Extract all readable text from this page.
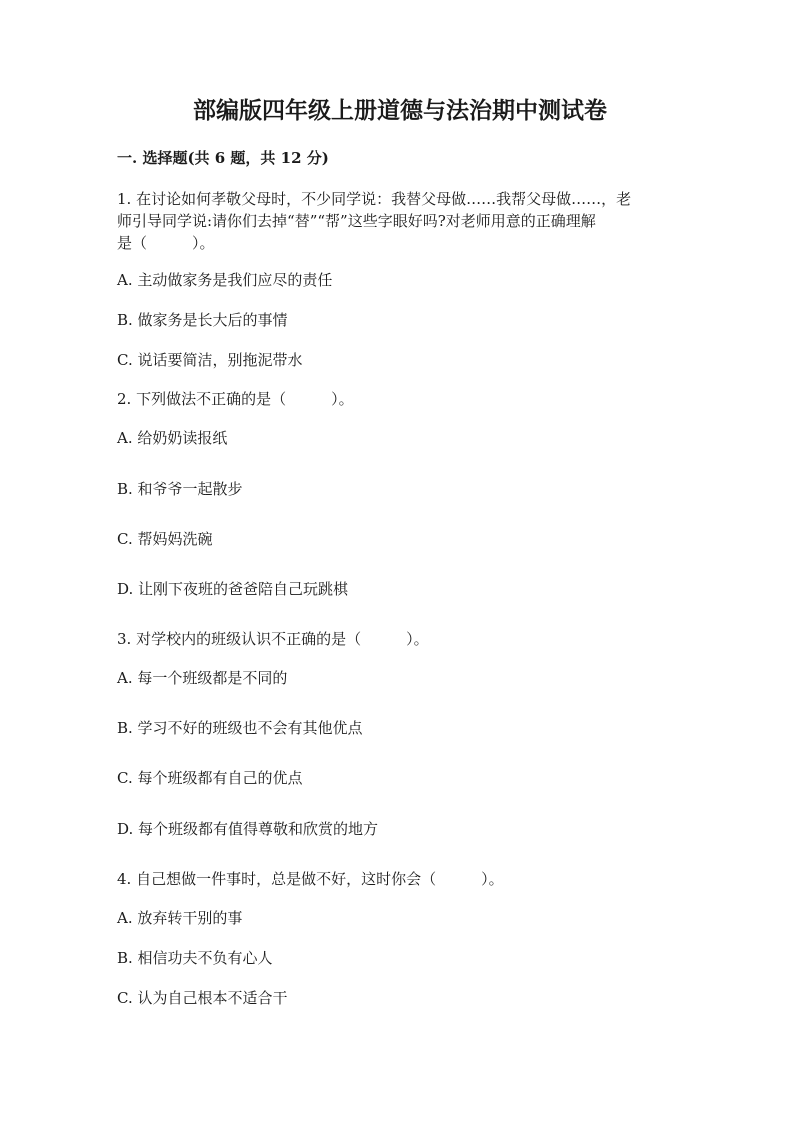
部编版四年级上册道德与法治期中测试卷
一. 选择题(共 6 题，共 12 分)
1. 在讨论如何孝敬父母时，不少同学说：我替父母做……我帮父母做……，老
师引导同学说:请你们去掉“替”“帮”这些字眼好吗?对老师用意的正确理解
是（　　　）。
A. 主动做家务是我们应尽的责任
B. 做家务是长大后的事情
C. 说话要简洁，别拖泥带水
2. 下列做法不正确的是（　　　）。
A. 给奶奶读报纸
B. 和爷爷一起散步
C. 帮妈妈洗碗
D. 让刚下夜班的爸爸陪自己玩跳棋
3. 对学校内的班级认识不正确的是（　　　）。
A. 每一个班级都是不同的
B. 学习不好的班级也不会有其他优点
C. 每个班级都有自己的优点
D. 每个班级都有值得尊敬和欣赏的地方
4. 自己想做一件事时，总是做不好，这时你会（　　　）。
A. 放弃转干别的事
B. 相信功夫不负有心人
C. 认为自己根本不适合干
